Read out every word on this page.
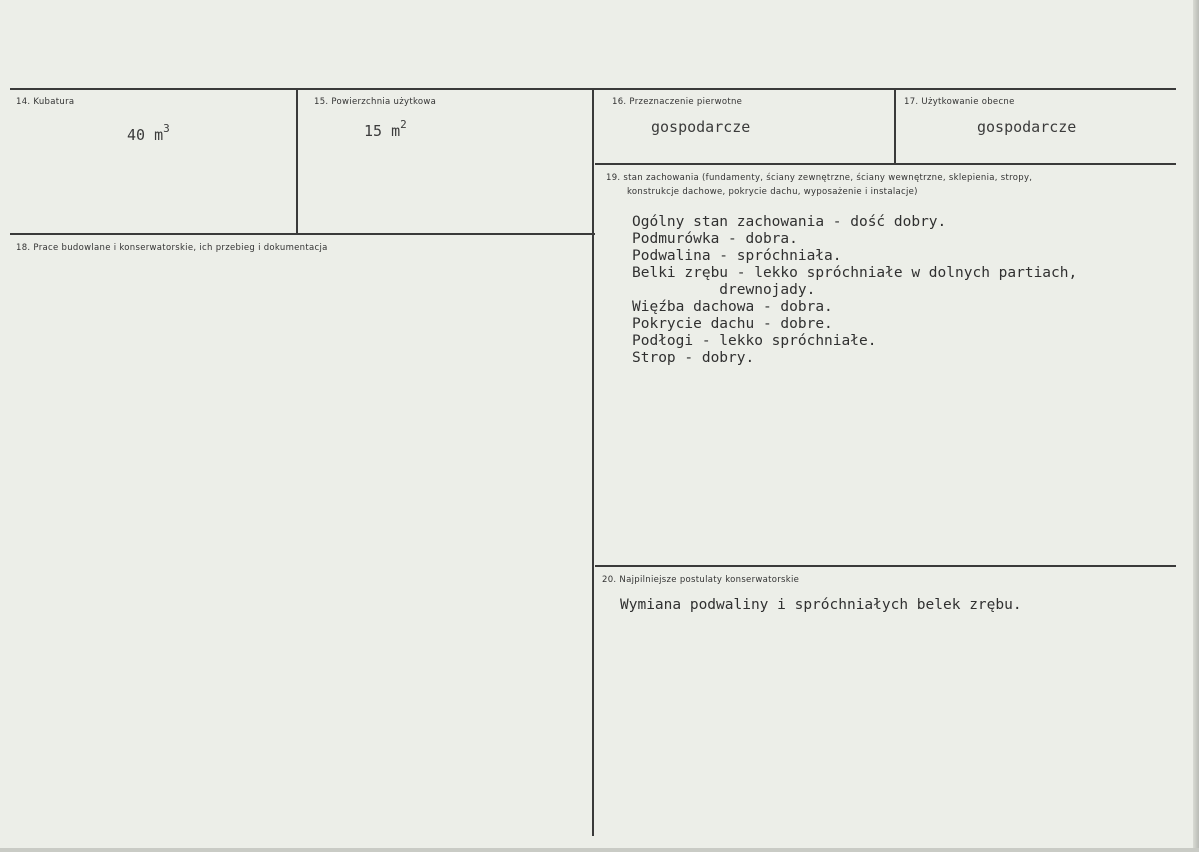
14. Kubatura
40 $m^3$
15. Powierzchnia użytkowa
15 $m^2$
16. Przeznaczenie pierwotne
gospodarcze
17. Użytkowanie obecne
gospodarcze
18. Prace budowlane i konserwatorskie, ich przebieg i dokumentacja
19. stan zachowania (fundamenty, ściany zewnętrzne, ściany wewnętrzne, sklepienia, stropy,
konstrukcje dachowe, pokrycie dachu, wyposażenie i instalacje)
Ogólny stan zachowania - dość dobry.
Podmurówka - dobra.
Podwalina - spróchniała.
Belki zrębu - lekko spróchniałe w dolnych partiach,
drewnojady.
Więźba dachowa - dobra.
Pokrycie dachu - dobre.
Podłogi - lekko spróchniałe.
Strop - dobry.
20. Najpilniejsze postulaty konserwatorskie
Wymiana podwaliny i spróchniałych belek zrębu.
